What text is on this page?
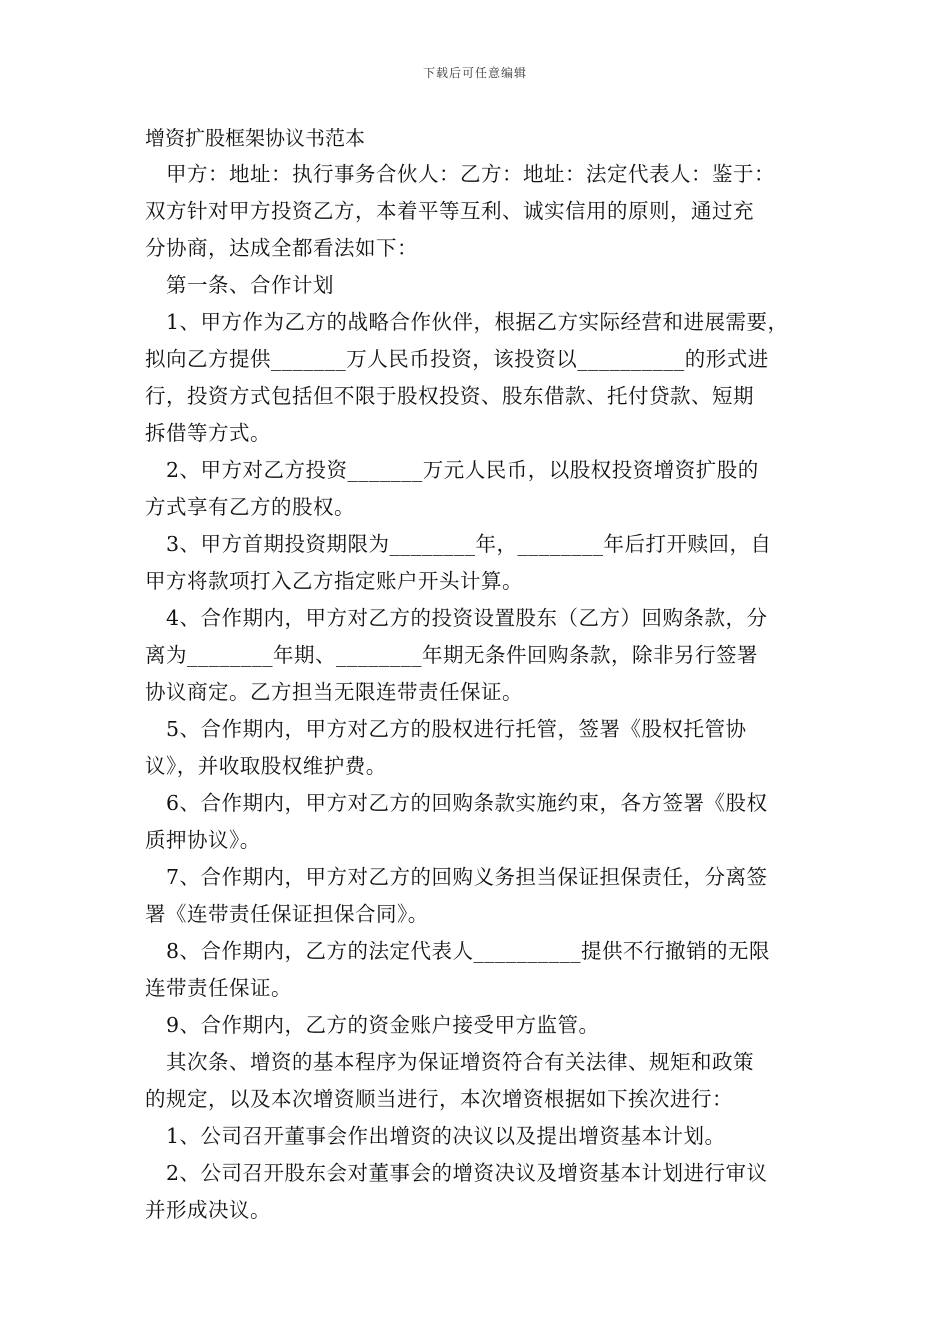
下载后可任意编辑
增资扩股框架协议书范本
　甲方：地址：执行事务合伙人：乙方：地址：法定代表人：鉴于：
双方针对甲方投资乙方，本着平等互利、诚实信用的原则，通过充
分协商，达成全都看法如下：
　第一条、合作计划
　1、甲方作为乙方的战略合作伙伴，根据乙方实际经营和进展需要，
拟向乙方提供_______万人民币投资，该投资以__________的形式进
行，投资方式包括但不限于股权投资、股东借款、托付贷款、短期
拆借等方式。
　2、甲方对乙方投资_______万元人民币，以股权投资增资扩股的
方式享有乙方的股权。
　3、甲方首期投资期限为________年，________年后打开赎回，自
甲方将款项打入乙方指定账户开头计算。
　4、合作期内，甲方对乙方的投资设置股东（乙方）回购条款，分
离为________年期、________年期无条件回购条款，除非另行签署
协议商定。乙方担当无限连带责任保证。
　5、合作期内，甲方对乙方的股权进行托管，签署《股权托管协
议》，并收取股权维护费。
　6、合作期内，甲方对乙方的回购条款实施约束，各方签署《股权
质押协议》。
　7、合作期内，甲方对乙方的回购义务担当保证担保责任，分离签
署《连带责任保证担保合同》。
　8、合作期内，乙方的法定代表人__________提供不行撤销的无限
连带责任保证。
　9、合作期内，乙方的资金账户接受甲方监管。
　其次条、增资的基本程序为保证增资符合有关法律、规矩和政策
的规定，以及本次增资顺当进行，本次增资根据如下挨次进行：
　1、公司召开董事会作出增资的决议以及提出增资基本计划。
　2、公司召开股东会对董事会的增资决议及增资基本计划进行审议
并形成决议。
